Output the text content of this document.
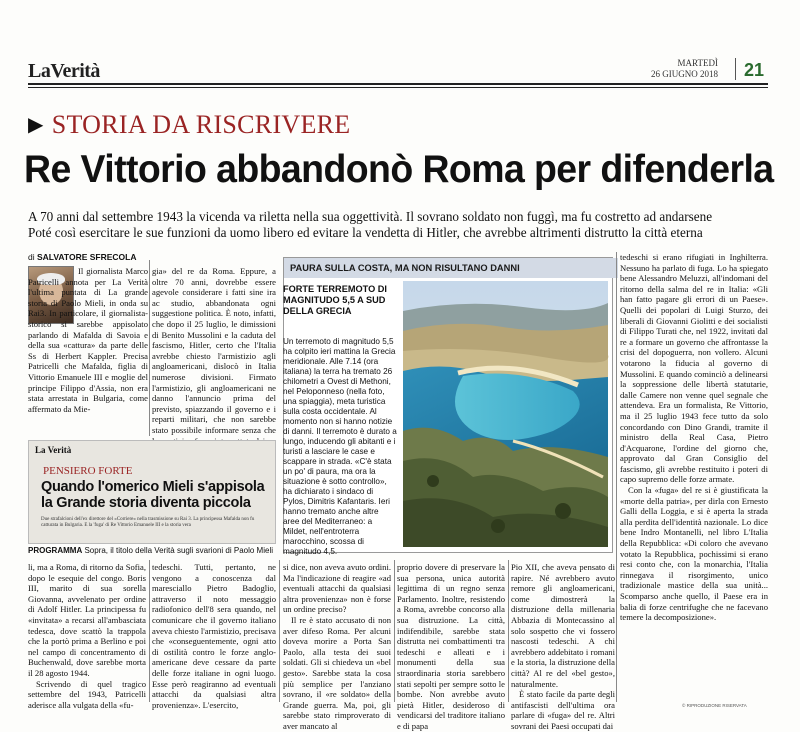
LaVerità	MARTEDÌ
26 GIUGNO 2018 21
▶ STORIA DA RISCRIVERE
Re Vittorio abbandonò Roma per difenderla
A 70 anni dal settembre 1943 la vicenda va riletta nella sua oggettività. Il sovrano soldato non fuggì, ma fu costretto ad andarsene
Poté così esercitare le sue funzioni da uomo libero ed evitare la vendetta di Hitler, che avrebbe altrimenti distrutto la città eterna
di SALVATORE SFRECOLA
Il giornalista Marco Patricelli annota per La Verità l'ultima puntata di La grande storia di Paolo Mieli, in onda su Rai3. In particolare, il giornalista-storico si sarebbe appisolato parlando di Mafalda di Savoia e della sua «cattura» da parte delle Ss di Herbert Kappler. Precisa Patricelli che Mafalda, figlia di Vittorio Emanuele III e moglie del principe Filippo d'Assia, non era stata arrestata in Bulgaria, come affermato da Mie-
gia» del re da Roma. Eppure, a oltre 70 anni, dovrebbe essere agevole considerare i fatti sine ira ac studio, abbandonata ogni suggestione politica. È noto, infatti, che dopo il 25 luglio, le dimissioni di Benito Mussolini e la caduta del fascismo, Hitler, certo che l'Italia avrebbe chiesto l'armistizio agli angloamericani, dislocò in Italia numerose divisioni. Firmato l'armistizio, gli angloamericani ne danno l'annuncio prima del previsto, spiazzando il governo e i reparti militari, che non sarebbe stato possibile informare senza che
La Verità
PENSIERO FORTE
Quando l'omerico Mieli s'appisola la Grande storia diventa piccola
Due strafalcioni dell'ex direttore del «Corriere» nella trasmissione su Rai 3. La principessa Mafalda non fu catturata in Bulgaria. E la 'fuga' di Re Vittorio Emanuele III e la storia vera
PROGRAMMA Sopra, il titolo della Verità sugli svarioni di Paolo Mieli
PAURA SULLA COSTA, MA NON RISULTANO DANNI
FORTE TERREMOTO DI MAGNITUDO 5,5 A SUD DELLA GRECIA
Un terremoto di magnitudo 5,5 ha colpito ieri mattina la Grecia meridionale. Alle 7.14 (ora italiana) la terra ha tremato 26 chilometri a Ovest di Methoni, nel Peloponneso (nella foto, una spiaggia), meta turistica sulla costa occidentale. Al momento non si hanno notizie di danni. Il terremoto è durato a lungo, inducendo gli abitanti e i turisti a lasciare le case e scappare in strada. «C'è stata un po' di paura, ma ora la situazione è sotto controllo», ha dichiarato i sindaco di Pylos, Dimitris Kafantaris. Ieri hanno tremato anche altre aree del Mediterraneo: a Mildet, nell'entroterra marocchino, scossa di magnitudo 4,5.
tedeschi si erano rifugiati in Inghilterra. Nessuno ha parlato di fuga. Lo ha spiegato bene Alessandro Meluzzi, all'indomani del ritorno della salma del re in Italia: «Gli han fatto pagare gli errori di un Paese». Quelli dei popolari di Luigi Sturzo, dei liberali di Giovanni Giolitti e dei socialisti di Filippo Turati che, nel 1922, invitati dal re a formare un governo che affrontasse la crisi del dopoguerra, non vollero. Alcuni votarono la fiducia al governo di Mussolini. E quando cominciò a delinearsi la soppressione delle libertà statutarie, dalle Camere non venne quel segnale che attendeva. Era un formalista, Re Vittorio, ma il 25 luglio 1943 fece tutto da solo concordando con Dino Grandi, tramite il ministro della Real Casa, Pietro d'Acquarone, l'ordine del giorno che, approvato dal Gran Consiglio del fascismo, gli avrebbe restituito i poteri di capo supremo delle forze armate.
Con la «fuga» del re si è giustificata la «morte della patria», per dirla con Ernesto Galli della Loggia, e si è aperta la strada alla perdita dell'identità nazionale. Lo dice bene Indro Montanelli, nel libro L'Italia della Repubblica: «Di coloro che avevano votato la Repubblica, pochissimi si erano resi conto che, con la monarchia, l'Italia rinnegava il risorgimento, unico tradizionale mastice della sua unità... Scomparso anche quello, il Paese era in balia di forze centrifughe che ne facevano temere la decomposizione».
li, ma a Roma, di ritorno da Sofia, dopo le esequie del congo. Boris III, marito di sua sorella Giovanna, avvelenato per ordine di Adolf Hitler. La principessa fu «invitata» a recarsi all'ambasciata tedesca, dove scattò la trappola che la portò prima a Berlino e poi nel campo di concentramento di Buchenwald, dove sarebbe morta il 28 agosto 1944.
Scrivendo di quel tragico settembre del 1943, Patricelli aderisce alla vulgata della «fu-
tedeschi. Tutti, pertanto, ne vengono a conoscenza dal maresciallo Pietro Badoglio, attraverso il noto messaggio radiofonico dell'8 sera quando, nel comunicare che il governo italiano aveva chiesto l'armistizio, precisava che «conseguentemente, ogni atto di ostilità contro le forze anglo-americane deve cessare da parte delle forze italiane in ogni luogo. Esse però reagiranno ad eventuali attacchi da qualsiasi altra provenienza». L'esercito,
si dice, non aveva avuto ordini. Ma l'indicazione di reagire «ad eventuali attacchi da qualsiasi altra provenienza» non è forse un ordine preciso?
Il re è stato accusato di non aver difeso Roma. Per alcuni doveva morire a Porta San Paolo, alla testa dei suoi soldati. Gli si chiedeva un «bel gesto». Sarebbe stata la cosa più semplice per l'anziano sovrano, il «re soldato» della Grande guerra. Ma, poi, gli sarebbe stato rimproverato di aver mancato al
proprio dovere di preservare la sua persona, unica autorità legittima di un regno senza Parlamento. Inoltre, resistendo a Roma, avrebbe concorso alla sua distruzione. La città, indifendibile, sarebbe stata distrutta nei combattimenti tra tedeschi e alleati e i monumenti della sua straordinaria storia sarebbero stati sepolti per sempre sotto le bombe. Non avrebbe avuto pietà Hitler, desideroso di vendicarsi del traditore italiano e di papa
Pio XII, che aveva pensato di rapire. Né avrebbero avuto remore gli angloamericani, come dimostrerà la distruzione della millenaria Abbazia di Montecassino al solo sospetto che vi fossero nascosti tedeschi. A chi avrebbero addebitato i romani e la storia, la distruzione della città? Al re del «bel gesto», naturalmente.
È stato facile da parte degli antifascisti dell'ultima ora parlare di «fuga» del re. Altri sovrani dei Paesi occupati dai
© RIPRODUZIONE RISERVATA
